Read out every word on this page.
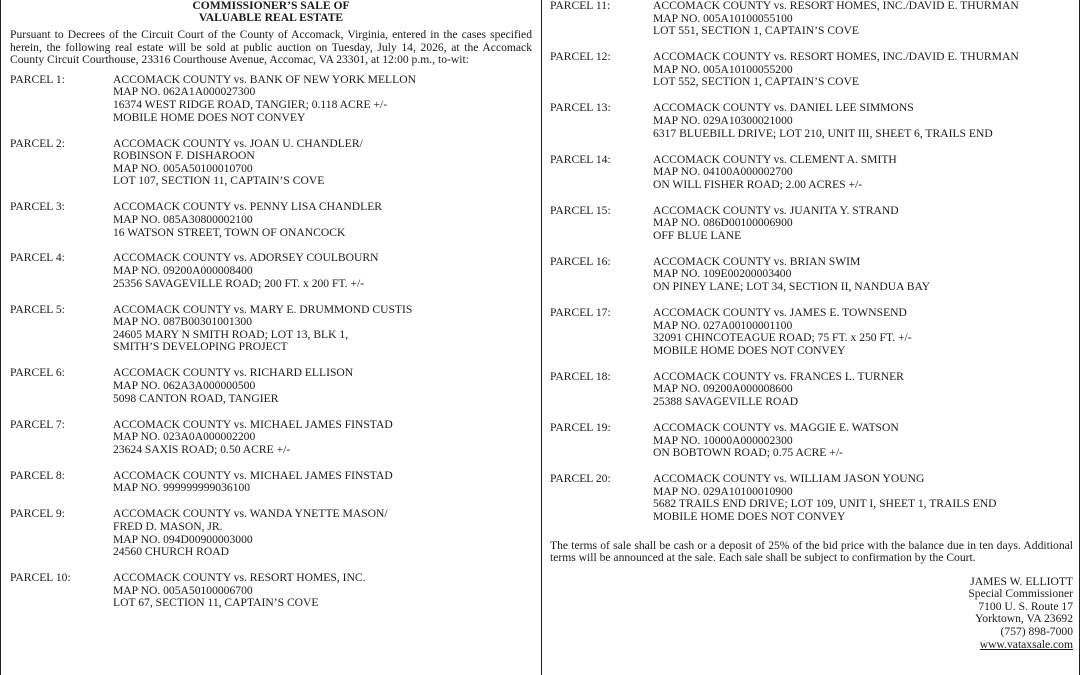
COMMISSIONER’S SALE OF
VALUABLE REAL ESTATE
Pursuant to Decrees of the Circuit Court of the County of Accomack, Virginia, entered in the cases specified herein, the following real estate will be sold at public auction on Tuesday, July 14, 2026, at the Accomack County Circuit Courthouse, 23316 Courthouse Avenue, Accomac, VA 23301, at 12:00 p.m., to-wit:
PARCEL 1:	ACCOMACK COUNTY vs. BANK OF NEW YORK MELLON
MAP NO. 062A1A000027300
16374 WEST RIDGE ROAD, TANGIER; 0.118 ACRE +/-
MOBILE HOME DOES NOT CONVEY
PARCEL 2:	ACCOMACK COUNTY vs. JOAN U. CHANDLER/
ROBINSON F. DISHAROON
MAP NO. 005A50100010700
LOT 107, SECTION 11, CAPTAIN’S COVE
PARCEL 3:	ACCOMACK COUNTY vs. PENNY LISA CHANDLER
MAP NO. 085A30800002100
16 WATSON STREET, TOWN OF ONANCOCK
PARCEL 4:	ACCOMACK COUNTY vs. ADORSEY COULBOURN
MAP NO. 09200A000008400
25356 SAVAGEVILLE ROAD; 200 FT. x 200 FT. +/-
PARCEL 5:	ACCOMACK COUNTY vs. MARY E. DRUMMOND CUSTIS
MAP NO. 087B00301001300
24605 MARY N SMITH ROAD; LOT 13, BLK 1,
SMITH’S DEVELOPING PROJECT
PARCEL 6:	ACCOMACK COUNTY vs. RICHARD ELLISON
MAP NO. 062A3A000000500
5098 CANTON ROAD, TANGIER
PARCEL 7:	ACCOMACK COUNTY vs. MICHAEL JAMES FINSTAD
MAP NO. 023A0A000002200
23624 SAXIS ROAD; 0.50 ACRE +/-
PARCEL 8:	ACCOMACK COUNTY vs. MICHAEL JAMES FINSTAD
MAP NO. 999999999036100
PARCEL 9:	ACCOMACK COUNTY vs. WANDA YNETTE MASON/
FRED D. MASON, JR.
MAP NO. 094D00900003000
24560 CHURCH ROAD
PARCEL 10:	ACCOMACK COUNTY vs. RESORT HOMES, INC.
MAP NO. 005A50100006700
LOT 67, SECTION 11, CAPTAIN’S COVE
PARCEL 11:	ACCOMACK COUNTY vs. RESORT HOMES, INC./DAVID E. THURMAN
MAP NO. 005A10100055100
LOT 551, SECTION 1, CAPTAIN’S COVE
PARCEL 12:	ACCOMACK COUNTY vs. RESORT HOMES, INC./DAVID E. THURMAN
MAP NO. 005A10100055200
LOT 552, SECTION 1, CAPTAIN’S COVE
PARCEL 13:	ACCOMACK COUNTY vs. DANIEL LEE SIMMONS
MAP NO. 029A10300021000
6317 BLUEBILL DRIVE; LOT 210, UNIT III, SHEET 6, TRAILS END
PARCEL 14:	ACCOMACK COUNTY vs. CLEMENT A. SMITH
MAP NO. 04100A000002700
ON WILL FISHER ROAD; 2.00 ACRES +/-
PARCEL 15:	ACCOMACK COUNTY vs. JUANITA Y. STRAND
MAP NO. 086D00100006900
OFF BLUE LANE
PARCEL 16:	ACCOMACK COUNTY vs. BRIAN SWIM
MAP NO. 109E00200003400
ON PINEY LANE; LOT 34, SECTION II, NANDUA BAY
PARCEL 17:	ACCOMACK COUNTY vs. JAMES E. TOWNSEND
MAP NO. 027A00100001100
32091 CHINCOTEAGUE ROAD; 75 FT. x 250 FT. +/-
MOBILE HOME DOES NOT CONVEY
PARCEL 18:	ACCOMACK COUNTY vs. FRANCES L. TURNER
MAP NO. 09200A000008600
25388 SAVAGEVILLE ROAD
PARCEL 19:	ACCOMACK COUNTY vs. MAGGIE E. WATSON
MAP NO. 10000A000002300
ON BOBTOWN ROAD; 0.75 ACRE +/-
PARCEL 20:	ACCOMACK COUNTY vs. WILLIAM JASON YOUNG
MAP NO. 029A10100010900
5682 TRAILS END DRIVE; LOT 109, UNIT I, SHEET 1, TRAILS END
MOBILE HOME DOES NOT CONVEY
The terms of sale shall be cash or a deposit of 25% of the bid price with the balance due in ten days. Additional terms will be announced at the sale. Each sale shall be subject to confirmation by the Court.
JAMES W. ELLIOTT
Special Commissioner
7100 U. S. Route 17
Yorktown, VA 23692
(757) 898-7000
www.vataxsale.com
